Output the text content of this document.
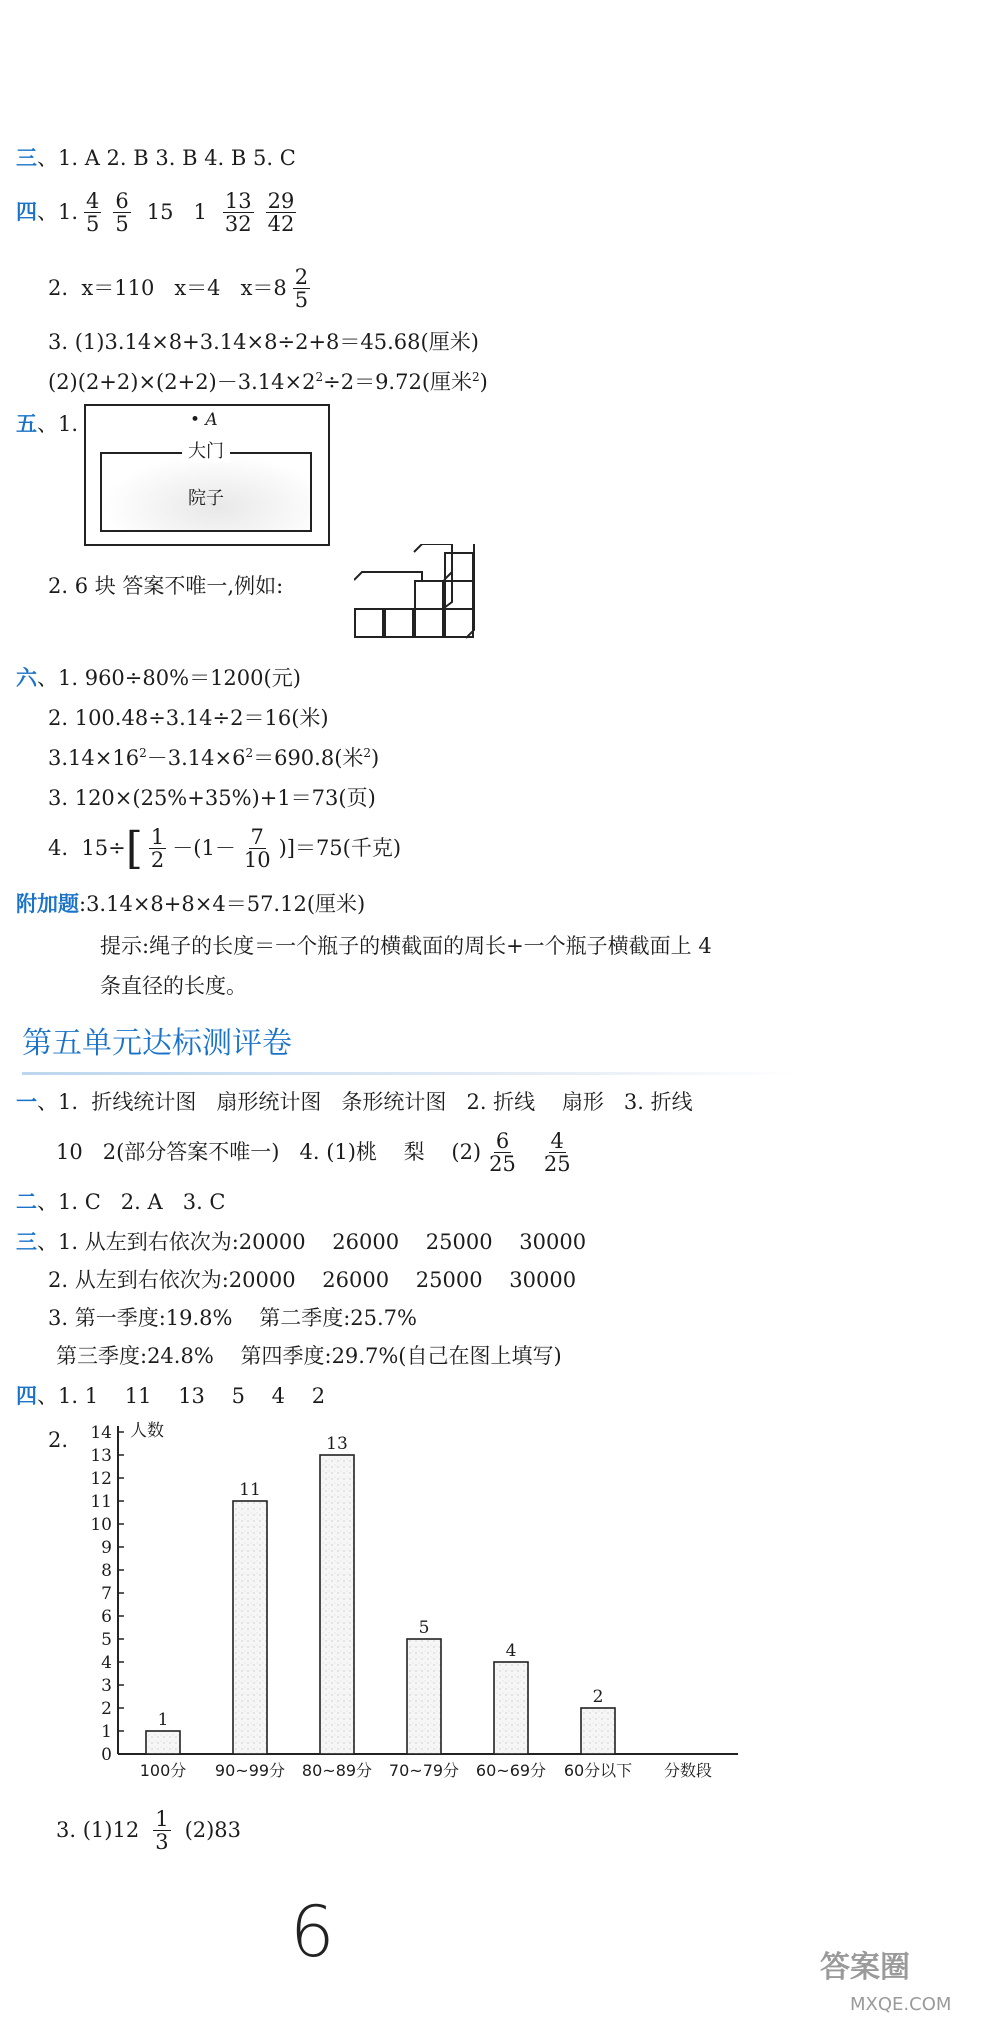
三、1. A 2. B 3. B 4. B 5. C
四 、1. $\frac{4}{5} \frac{6}{5} 15$   $1 \frac{13}{32} \frac{29}{42}$
2.  x＝110   x＝4   $x=8 \frac{2}{5}$
3. (1)3.14×8+3.14×8÷2+8＝45.68(厘米)
$(2)(2+2)\times(2+2)-3.14\times 2^2\div 2=9.72$(厘米$^2$)
五、1.	• A
大门
院子
2. 6 块 答案不唯一,例如:
六、1. 960÷80%＝1200(元)
2. 100.48÷3.14÷2＝16(米)
$3.14\times 16^2-3.14\times 6^2=690.8$(米$^2$)
3. 120×(25%+35%)+1＝73(页)
4.  15÷ [ $\frac{1}{2} -(1- \frac{7}{10} )]=75$(千克)
附加题:3.14×8+8×4＝57.12(厘米)
提示:绳子的长度＝一个瓶子的横截面的周长+一个瓶子横截面上 4
条直径的长度。
第五单元达标测评卷
一、1.  折线统计图   扇形统计图   条形统计图   2. 折线    扇形   3. 折线
10   2(部分答案不唯一)   4. (1)桃    梨    $(2) \frac{6}{25} \frac{4}{25}$
二、1. C   2. A   3. C
三、1. 从左到右依次为:20000    26000    25000    30000
2. 从左到右依次为:20000    26000    25000    30000
3. 第一季度:19.8%    第二季度:25.7%
第三季度:24.8%    第四季度:29.7%(自己在图上填写)
四、1. 1    11    13    5    4    2
2.
0
1
2
3
4
5
6
7
8
9
10
11
12
13
14 人数
1
100分
11
90~99分
13
80~89分
5
70~79分
4
60~69分
2
60分以下 分数段
3. $(1)12 \frac{1}{3} (2)83$
6	答案圈
MXQE.COM
